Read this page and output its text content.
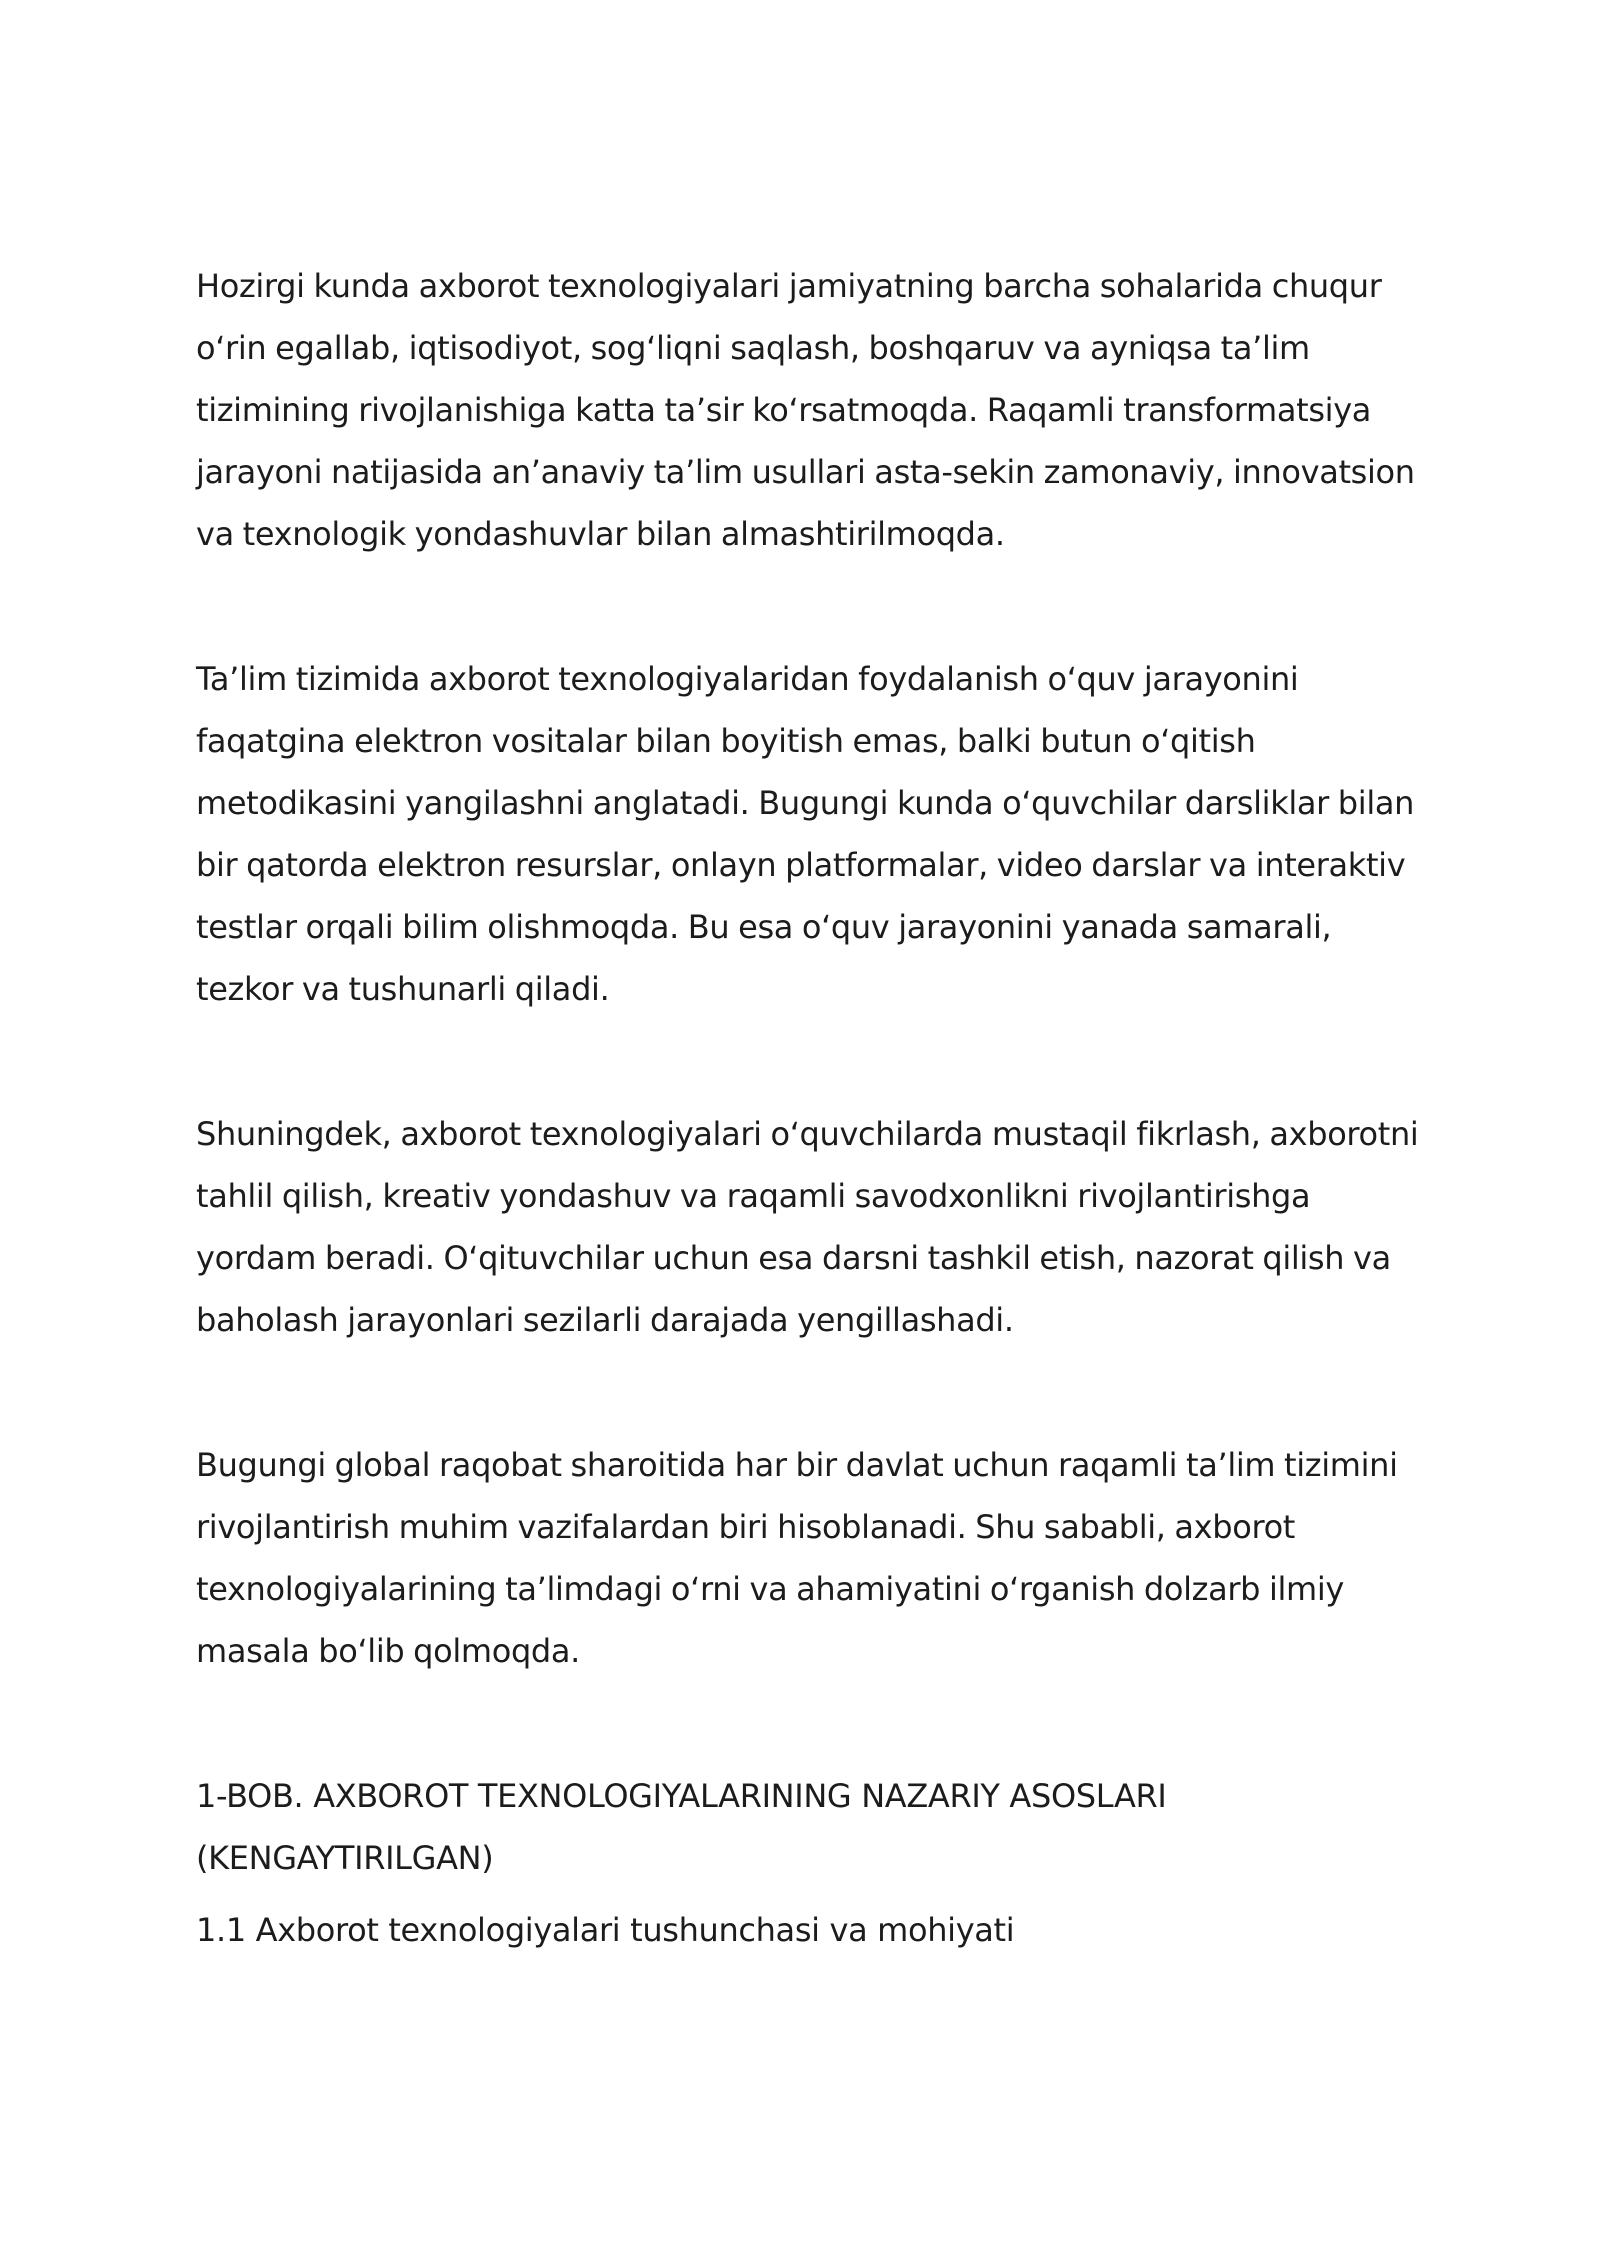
Hozirgi kunda axborot texnologiyalari jamiyatning barcha sohalarida chuqur o‘rin egallab, iqtisodiyot, sog‘liqni saqlash, boshqaruv va ayniqsa ta’lim tizimining rivojlanishiga katta ta’sir ko‘rsatmoqda. Raqamli transformatsiya jarayoni natijasida an’anaviy ta’lim usullari asta-sekin zamonaviy, innovatsion va texnologik yondashuvlar bilan almashtirilmoqda.

Ta’lim tizimida axborot texnologiyalaridan foydalanish o‘quv jarayonini faqatgina elektron vositalar bilan boyitish emas, balki butun o‘qitish metodikasini yangilashni anglatadi. Bugungi kunda o‘quvchilar darsliklar bilan bir qatorda elektron resurslar, onlayn platformalar, video darslar va interaktiv testlar orqali bilim olishmoqda. Bu esa o‘quv jarayonini yanada samarali, tezkor va tushunarli qiladi.

Shuningdek, axborot texnologiyalari o‘quvchilarda mustaqil fikrlash, axborotni tahlil qilish, kreativ yondashuv va raqamli savodxonlikni rivojlantirishga yordam beradi. O‘qituvchilar uchun esa darsni tashkil etish, nazorat qilish va baholash jarayonlari sezilarli darajada yengillashadi.

Bugungi global raqobat sharoitida har bir davlat uchun raqamli ta’lim tizimini rivojlantirish muhim vazifalardan biri hisoblanadi. Shu sababli, axborot texnologiyalarining ta’limdagi o‘rni va ahamiyatini o‘rganish dolzarb ilmiy masala bo‘lib qolmoqda.

1-BOB. AXBOROT TEXNOLOGIYALARINING NAZARIY ASOSLARI (KENGAYTIRILGAN)
1.1 Axborot texnologiyalari tushunchasi va mohiyati
